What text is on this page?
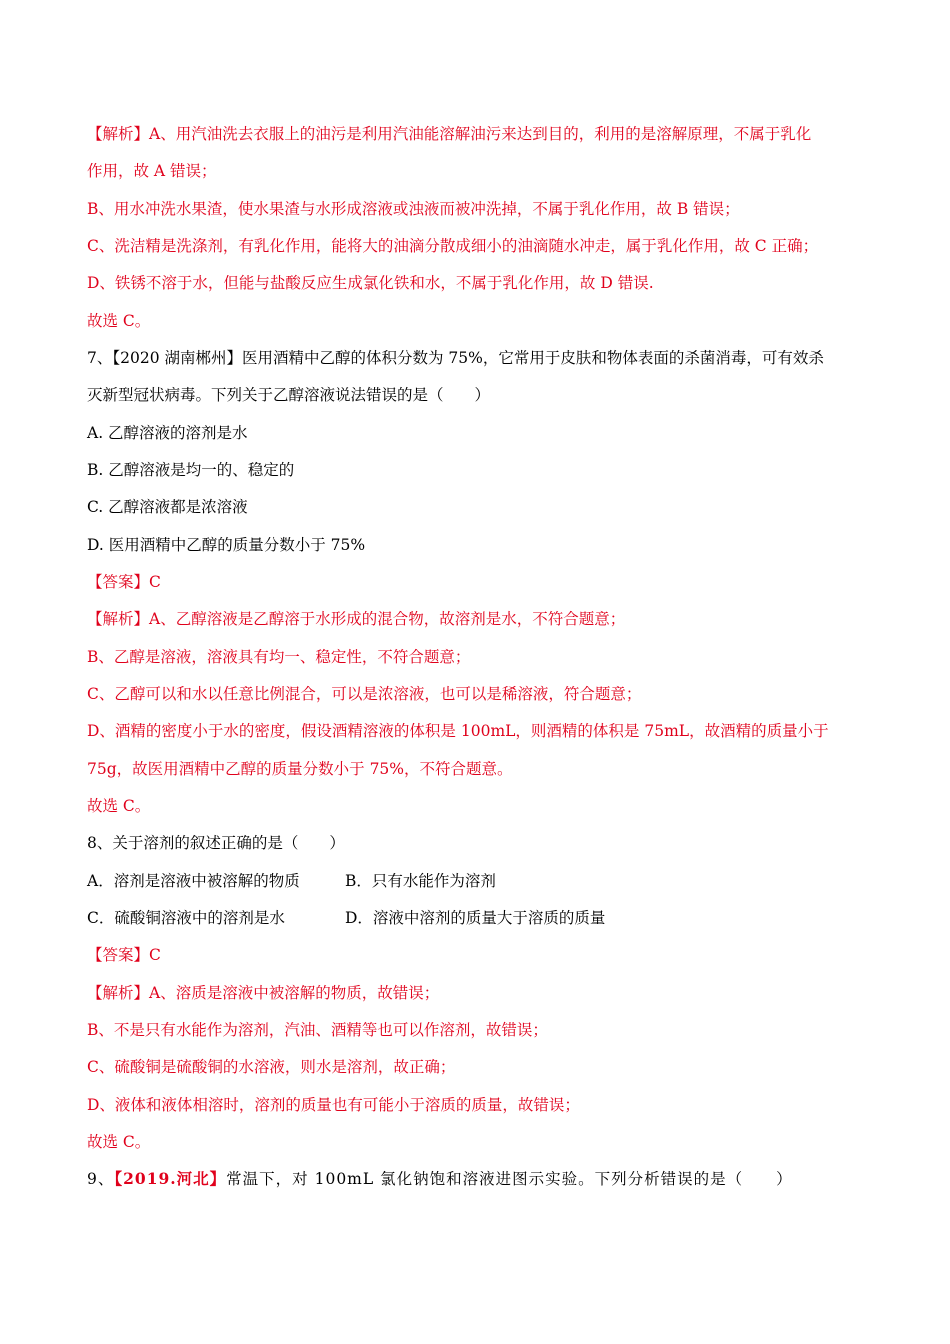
【解析】A、用汽油洗去衣服上的油污是利用汽油能溶解油污来达到目的，利用的是溶解原理，不属于乳化
作用，故 A 错误；
B、用水冲洗水果渣，使水果渣与水形成溶液或浊液而被冲洗掉，不属于乳化作用，故 B 错误；
C、洗洁精是洗涤剂，有乳化作用，能将大的油滴分散成细小的油滴随水冲走，属于乳化作用，故 C 正确；
D、铁锈不溶于水，但能与盐酸反应生成氯化铁和水，不属于乳化作用，故 D 错误.
故选 C。
7、【2020 湖南郴州】医用酒精中乙醇的体积分数为 75%，它常用于皮肤和物体表面的杀菌消毒，可有效杀
灭新型冠状病毒。下列关于乙醇溶液说法错误的是（　　）
A. 乙醇溶液的溶剂是水
B. 乙醇溶液是均一的、稳定的
C. 乙醇溶液都是浓溶液
D. 医用酒精中乙醇的质量分数小于 75%
【答案】C
【解析】A、乙醇溶液是乙醇溶于水形成的混合物，故溶剂是水，不符合题意；
B、乙醇是溶液，溶液具有均一、稳定性，不符合题意；
C、乙醇可以和水以任意比例混合，可以是浓溶液，也可以是稀溶液，符合题意；
D、酒精的密度小于水的密度，假设酒精溶液的体积是 100mL，则酒精的体积是 75mL，故酒精的质量小于
75g，故医用酒精中乙醇的质量分数小于 75%，不符合题意。
故选 C。
8、关于溶剂的叙述正确的是（　　）
A．溶剂是溶液中被溶解的物质	B．只有水能作为溶剂
C．硫酸铜溶液中的溶剂是水	D．溶液中溶剂的质量大于溶质的质量
【答案】C
【解析】A、溶质是溶液中被溶解的物质，故错误；
B、不是只有水能作为溶剂，汽油、酒精等也可以作溶剂，故错误；
C、硫酸铜是硫酸铜的水溶液，则水是溶剂，故正确；
D、液体和液体相溶时，溶剂的质量也有可能小于溶质的质量，故错误；
故选 C。
9、【2019.河北】常温下，对 100mL 氯化钠饱和溶液进图示实验。下列分析错误的是（　　）
